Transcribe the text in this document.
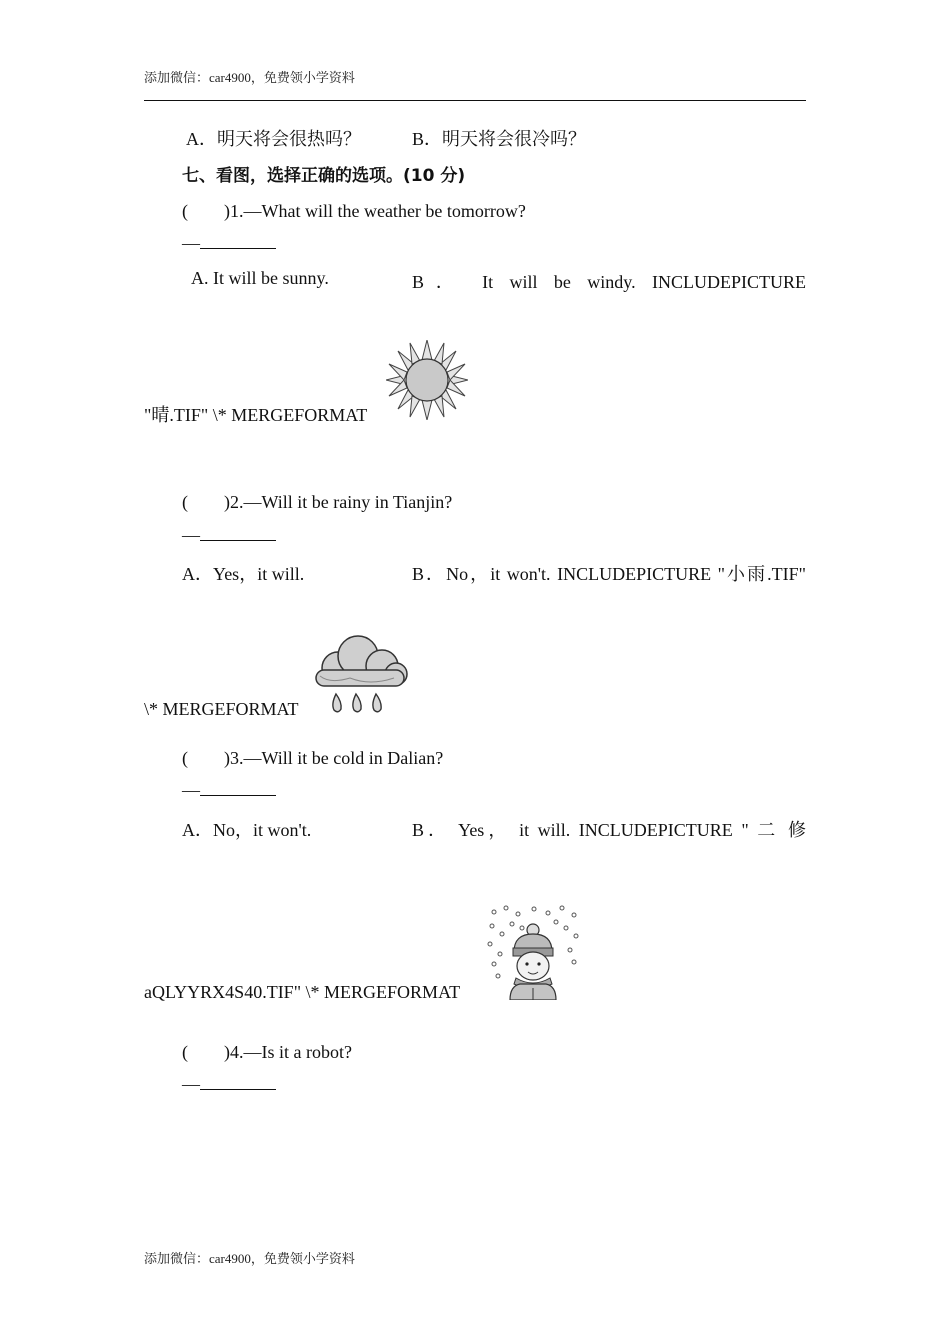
添加微信：car4900，免费领小学资料
A．明天将会很热吗？	B．明天将会很冷吗？
七、看图，选择正确的选项。(10 分)
(　　)1.—What will the weather be tomorrow?
—
A. It will be sunny.	B． It will be windy. INCLUDEPICTURE
"晴.TIF" \* MERGEFORMAT
(　　)2.—Will it be rainy in Tianjin?
—
A．Yes，it will.	B．No，it won't. INCLUDEPICTURE "小雨.TIF"
\* MERGEFORMAT
(　　)3.—Will it be cold in Dalian?
—
A．No，it won't.	B． Yes， it will. INCLUDEPICTURE " 二 修
aQLYYRX4S40.TIF" \* MERGEFORMAT
(　　)4.—Is it a robot?
—
添加微信：car4900，免费领小学资料
